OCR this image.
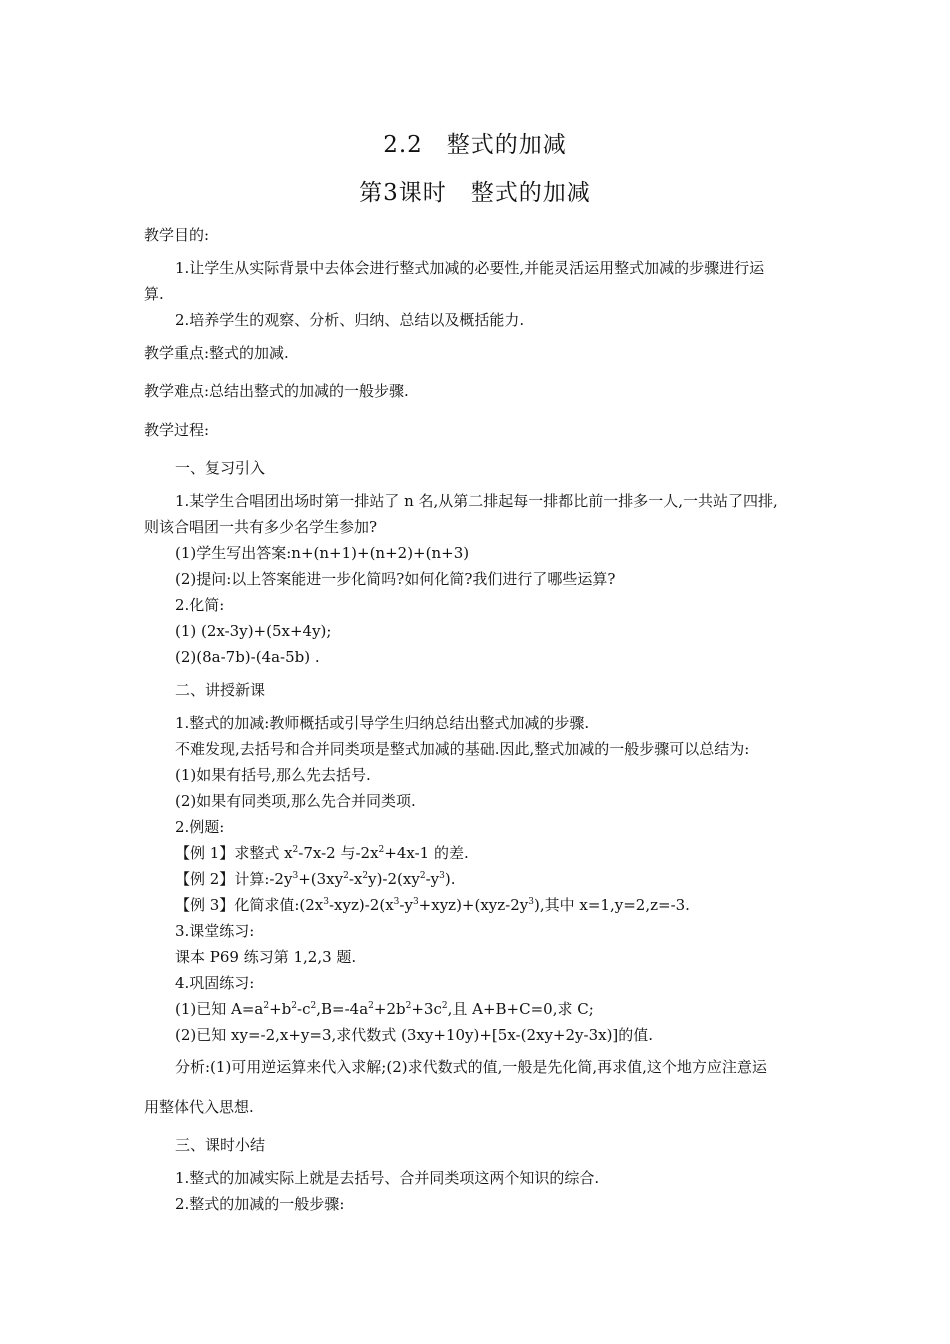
2.2　整式的加减
第3课时　整式的加减
教学目的:
1.让学生从实际背景中去体会进行整式加减的必要性,并能灵活运用整式加减的步骤进行运
算.
2.培养学生的观察、分析、归纳、总结以及概括能力.
教学重点:整式的加减.
教学难点:总结出整式的加减的一般步骤.
教学过程:
一、复习引入
1.某学生合唱团出场时第一排站了 n 名,从第二排起每一排都比前一排多一人,一共站了四排,
则该合唱团一共有多少名学生参加?
(1)学生写出答案:n+(n+1)+(n+2)+(n+3)
(2)提问:以上答案能进一步化简吗?如何化简?我们进行了哪些运算?
2.化简:
(1) (2x-3y)+(5x+4y);
(2)(8a-7b)-(4a-5b) .
二、讲授新课
1.整式的加减:教师概括或引导学生归纳总结出整式加减的步骤.
不难发现,去括号和合并同类项是整式加减的基础.因此,整式加减的一般步骤可以总结为:
(1)如果有括号,那么先去括号.
(2)如果有同类项,那么先合并同类项.
2.例题:
【例 1】求整式 $x^2-7x-2$ 与$-2x^2+4x-1$ 的差.
【例 2】计算$:-2y^3+(3xy^2-x^2y)-2(xy^2-y^3)$.
【例 3】化简求值$:(2x^3-xyz)-2(x^3-y^3+xyz)+(xyz-2y^3)$,其中 x=1,y=2,z=-3.
3.课堂练习:
课本 P69 练习第 1,2,3 题.
4.巩固练习:
(1)已知 $A=a^2+b^2-c^2,B=-4a^2+2b^2+3c^2$,且 A+B+C=0,求 C;
(2)已知 xy=-2,x+y=3,求代数式 (3xy+10y)+[5x-(2xy+2y-3x)]的值.
分析:(1)可用逆运算来代入求解;(2)求代数式的值,一般是先化简,再求值,这个地方应注意运
用整体代入思想.
三、课时小结
1.整式的加减实际上就是去括号、合并同类项这两个知识的综合.
2.整式的加减的一般步骤:
